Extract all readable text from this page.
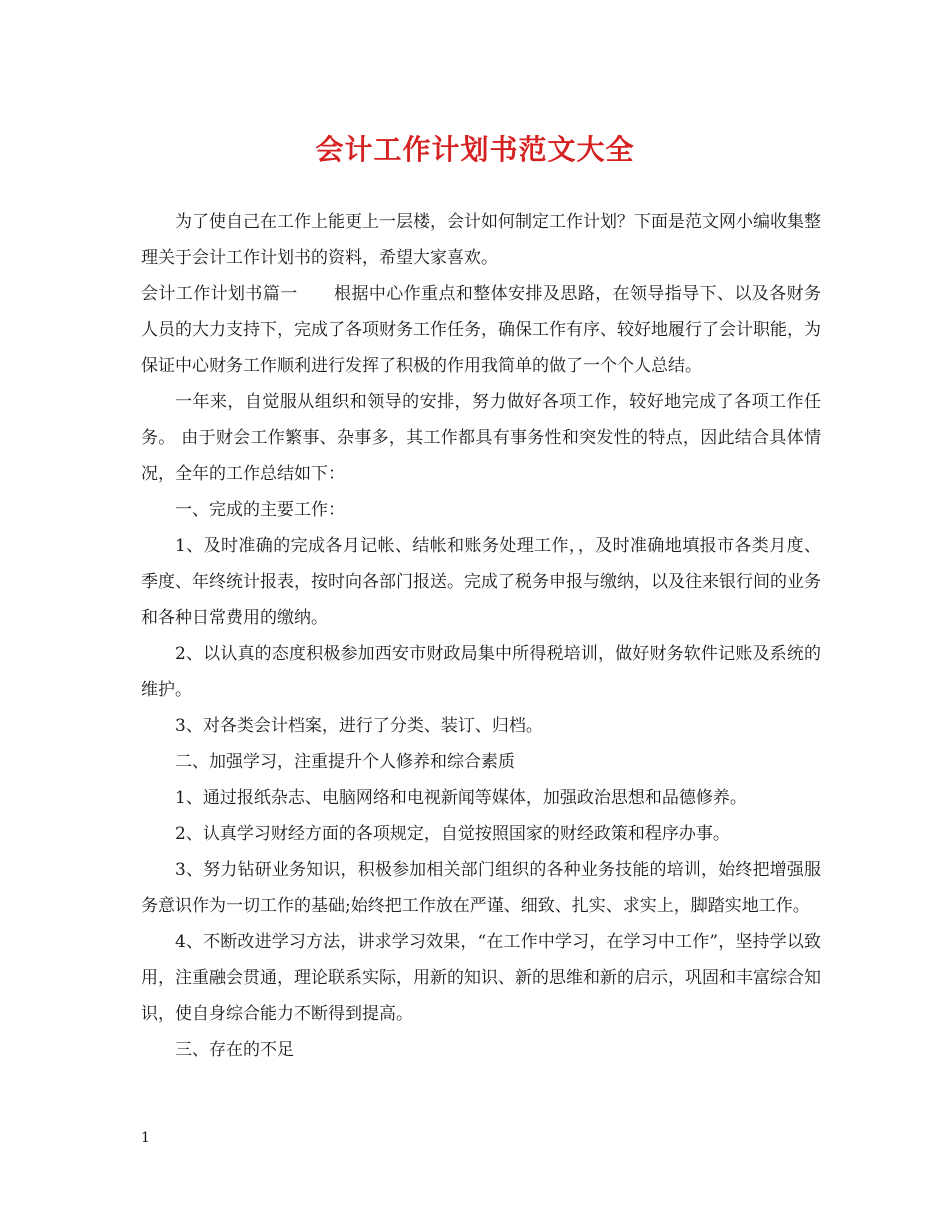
会计工作计划书范文大全

为了使自己在工作上能更上一层楼，会计如何制定工作计划？下面是范文网小编收集整理关于会计工作计划书的资料，希望大家喜欢。

会计工作计划书篇一 根据中心作重点和整体安排及思路，在领导指导下、以及各财务人员的大力支持下，完成了各项财务工作任务，确保工作有序、较好地履行了会计职能，为保证中心财务工作顺利进行发挥了积极的作用我简单的做了一个个人总结。

一年来，自觉服从组织和领导的安排，努力做好各项工作，较好地完成了各项工作任务。 由于财会工作繁事、杂事多，其工作都具有事务性和突发性的特点，因此结合具体情况，全年的工作总结如下：

一、完成的主要工作：

1、及时准确的完成各月记帐、结帐和账务处理工作，，及时准确地填报市各类月度、季度、年终统计报表，按时向各部门报送。完成了税务申报与缴纳，以及往来银行间的业务和各种日常费用的缴纳。

2、以认真的态度积极参加西安市财政局集中所得税培训，做好财务软件记账及系统的维护。

3、对各类会计档案，进行了分类、装订、归档。

二、加强学习，注重提升个人修养和综合素质

1、通过报纸杂志、电脑网络和电视新闻等媒体，加强政治思想和品德修养。

2、认真学习财经方面的各项规定，自觉按照国家的财经政策和程序办事。

3、努力钻研业务知识，积极参加相关部门组织的各种业务技能的培训，始终把增强服务意识作为一切工作的基础;始终把工作放在严谨、细致、扎实、求实上，脚踏实地工作。

4、不断改进学习方法，讲求学习效果，“在工作中学习，在学习中工作”，坚持学以致用，注重融会贯通，理论联系实际，用新的知识、新的思维和新的启示，巩固和丰富综合知识，使自身综合能力不断得到提高。

三、存在的不足

1
